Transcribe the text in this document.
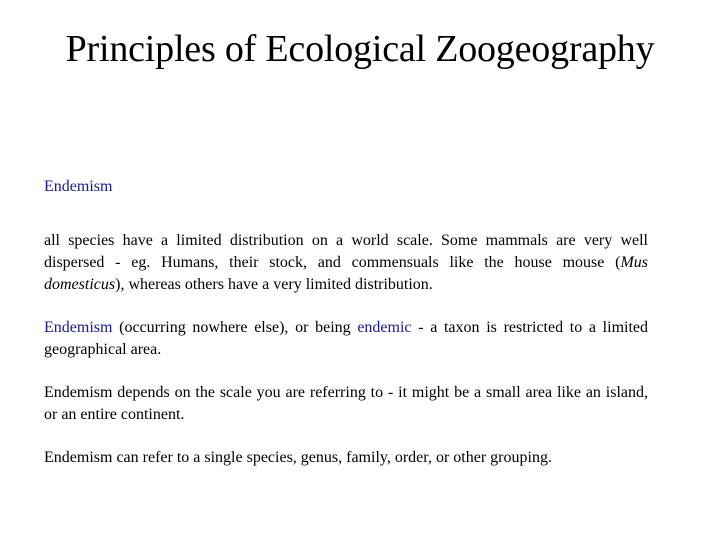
Principles of Ecological Zoogeography

Endemism

all species have a limited distribution on a world scale. Some mammals are very well dispersed - eg. Humans, their stock, and commensuals like the house mouse (Mus domesticus), whereas others have a very limited distribution.

Endemism (occurring nowhere else), or being endemic - a taxon is restricted to a limited geographical area.

Endemism depends on the scale you are referring to - it might be a small area like an island, or an entire continent.

Endemism can refer to a single species, genus, family, order, or other grouping.
